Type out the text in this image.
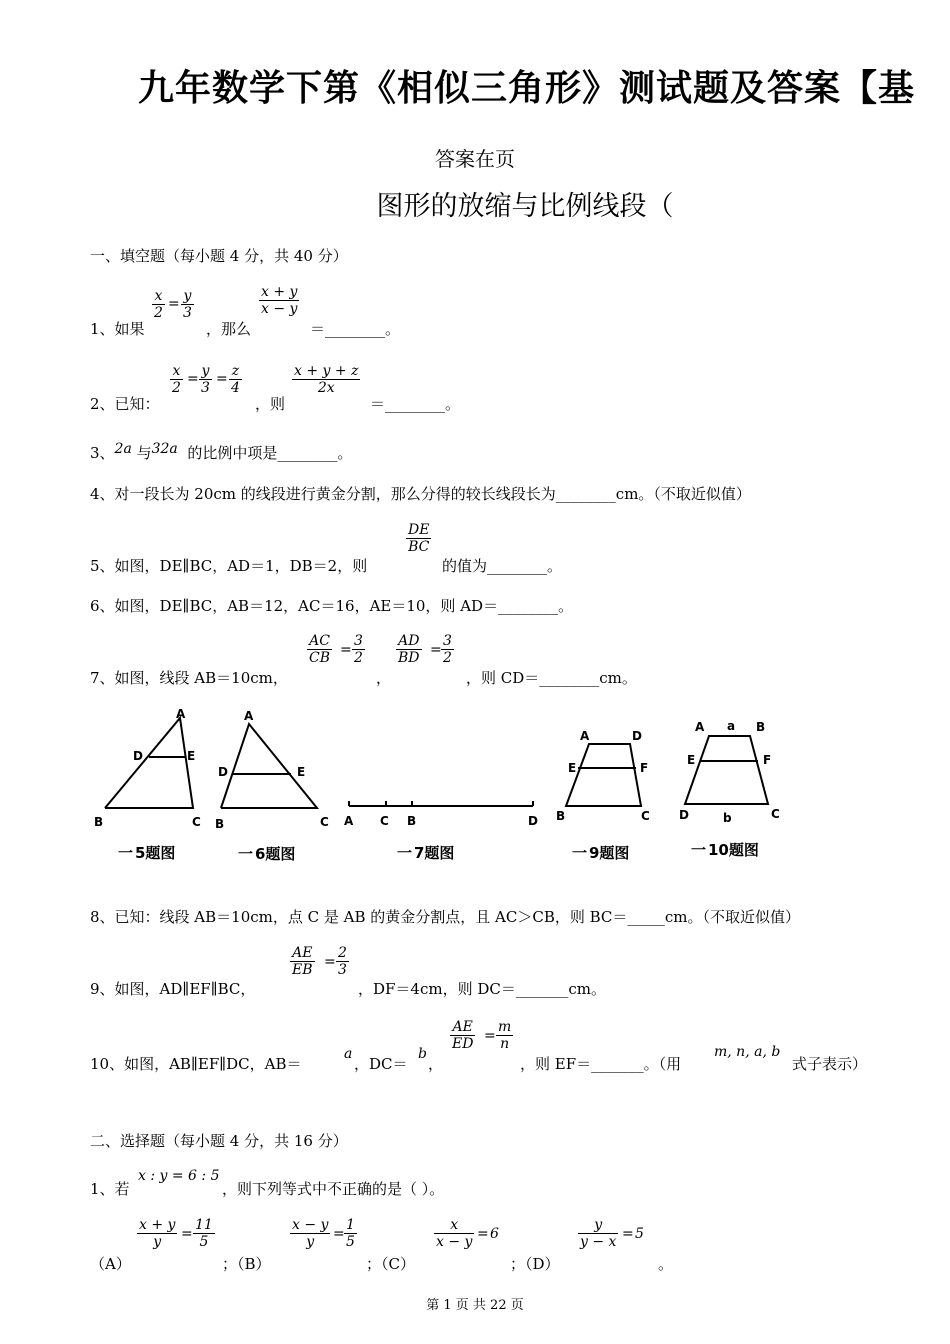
九年数学下第《相似三角形》测试题及答案【基
答案在页
图形的放缩与比例线段（
一、填空题（每小题 4 分，共 40 分）
1、如果
$\frac{x}{2} = \frac{y}{3}$
，那么
$\frac{x + y}{x - y}$
＝________。
2、已知：
$\frac{x}{2} = \frac{y}{3} = \frac{z}{4}$
，则
$\frac{x + y + z}{2x}$
＝________。
3、2a 与32a 的比例中项是________。
4、对一段长为 20cm 的线段进行黄金分割，那么分得的较长线段长为________cm。（不取近似值）
5、如图，DE∥BC，AD＝1，DB＝2，则
$\frac{DE}{BC}$
的值为________。
6、如图，DE∥BC，AB＝12，AC＝16，AE＝10，则 AD＝________。
7、如图，线段 AB＝10cm，
$\frac{AC}{CB} = \frac{3}{2}$
，
$\frac{AD}{BD} = \frac{3}{2}$
，则 CD＝________cm。
A
D	E
B	C
一 5题图
A
D	E
B	C
一 6题图
A C B	D
一 7题图
A	D
E	F
B	C
一 9题图
A a B
E	F
D	b	C
一 10题图
8、已知：线段 AB＝10cm，点 C 是 AB 的黄金分割点，且 AC＞CB，则 BC＝_____cm。（不取近似值）
9、如图，AD∥EF∥BC，
$\frac{AE}{EB} = \frac{2}{3}$
，DF＝4cm，则 DC＝_______cm。
10、如图，AB∥EF∥DC，AB＝
a
，DC＝
b
，
$\frac{AE}{ED} = \frac{m}{n}$
，则 EF＝_______。（用
m, n, a, b
式子表示）
二、选择题（每小题 4 分，共 16 分）
1、若
x : y = 6 : 5
，则下列等式中不正确的是（ ）。
（A）
$\frac{x + y}{y} = \frac{11}{5}$
；（B）
$\frac{x - y}{y} = \frac{1}{5}$
；（C）
$\frac{x}{x - y} = 6$
；（D）
$\frac{y}{y - x} = 5$
。
第 1 页 共 22 页
